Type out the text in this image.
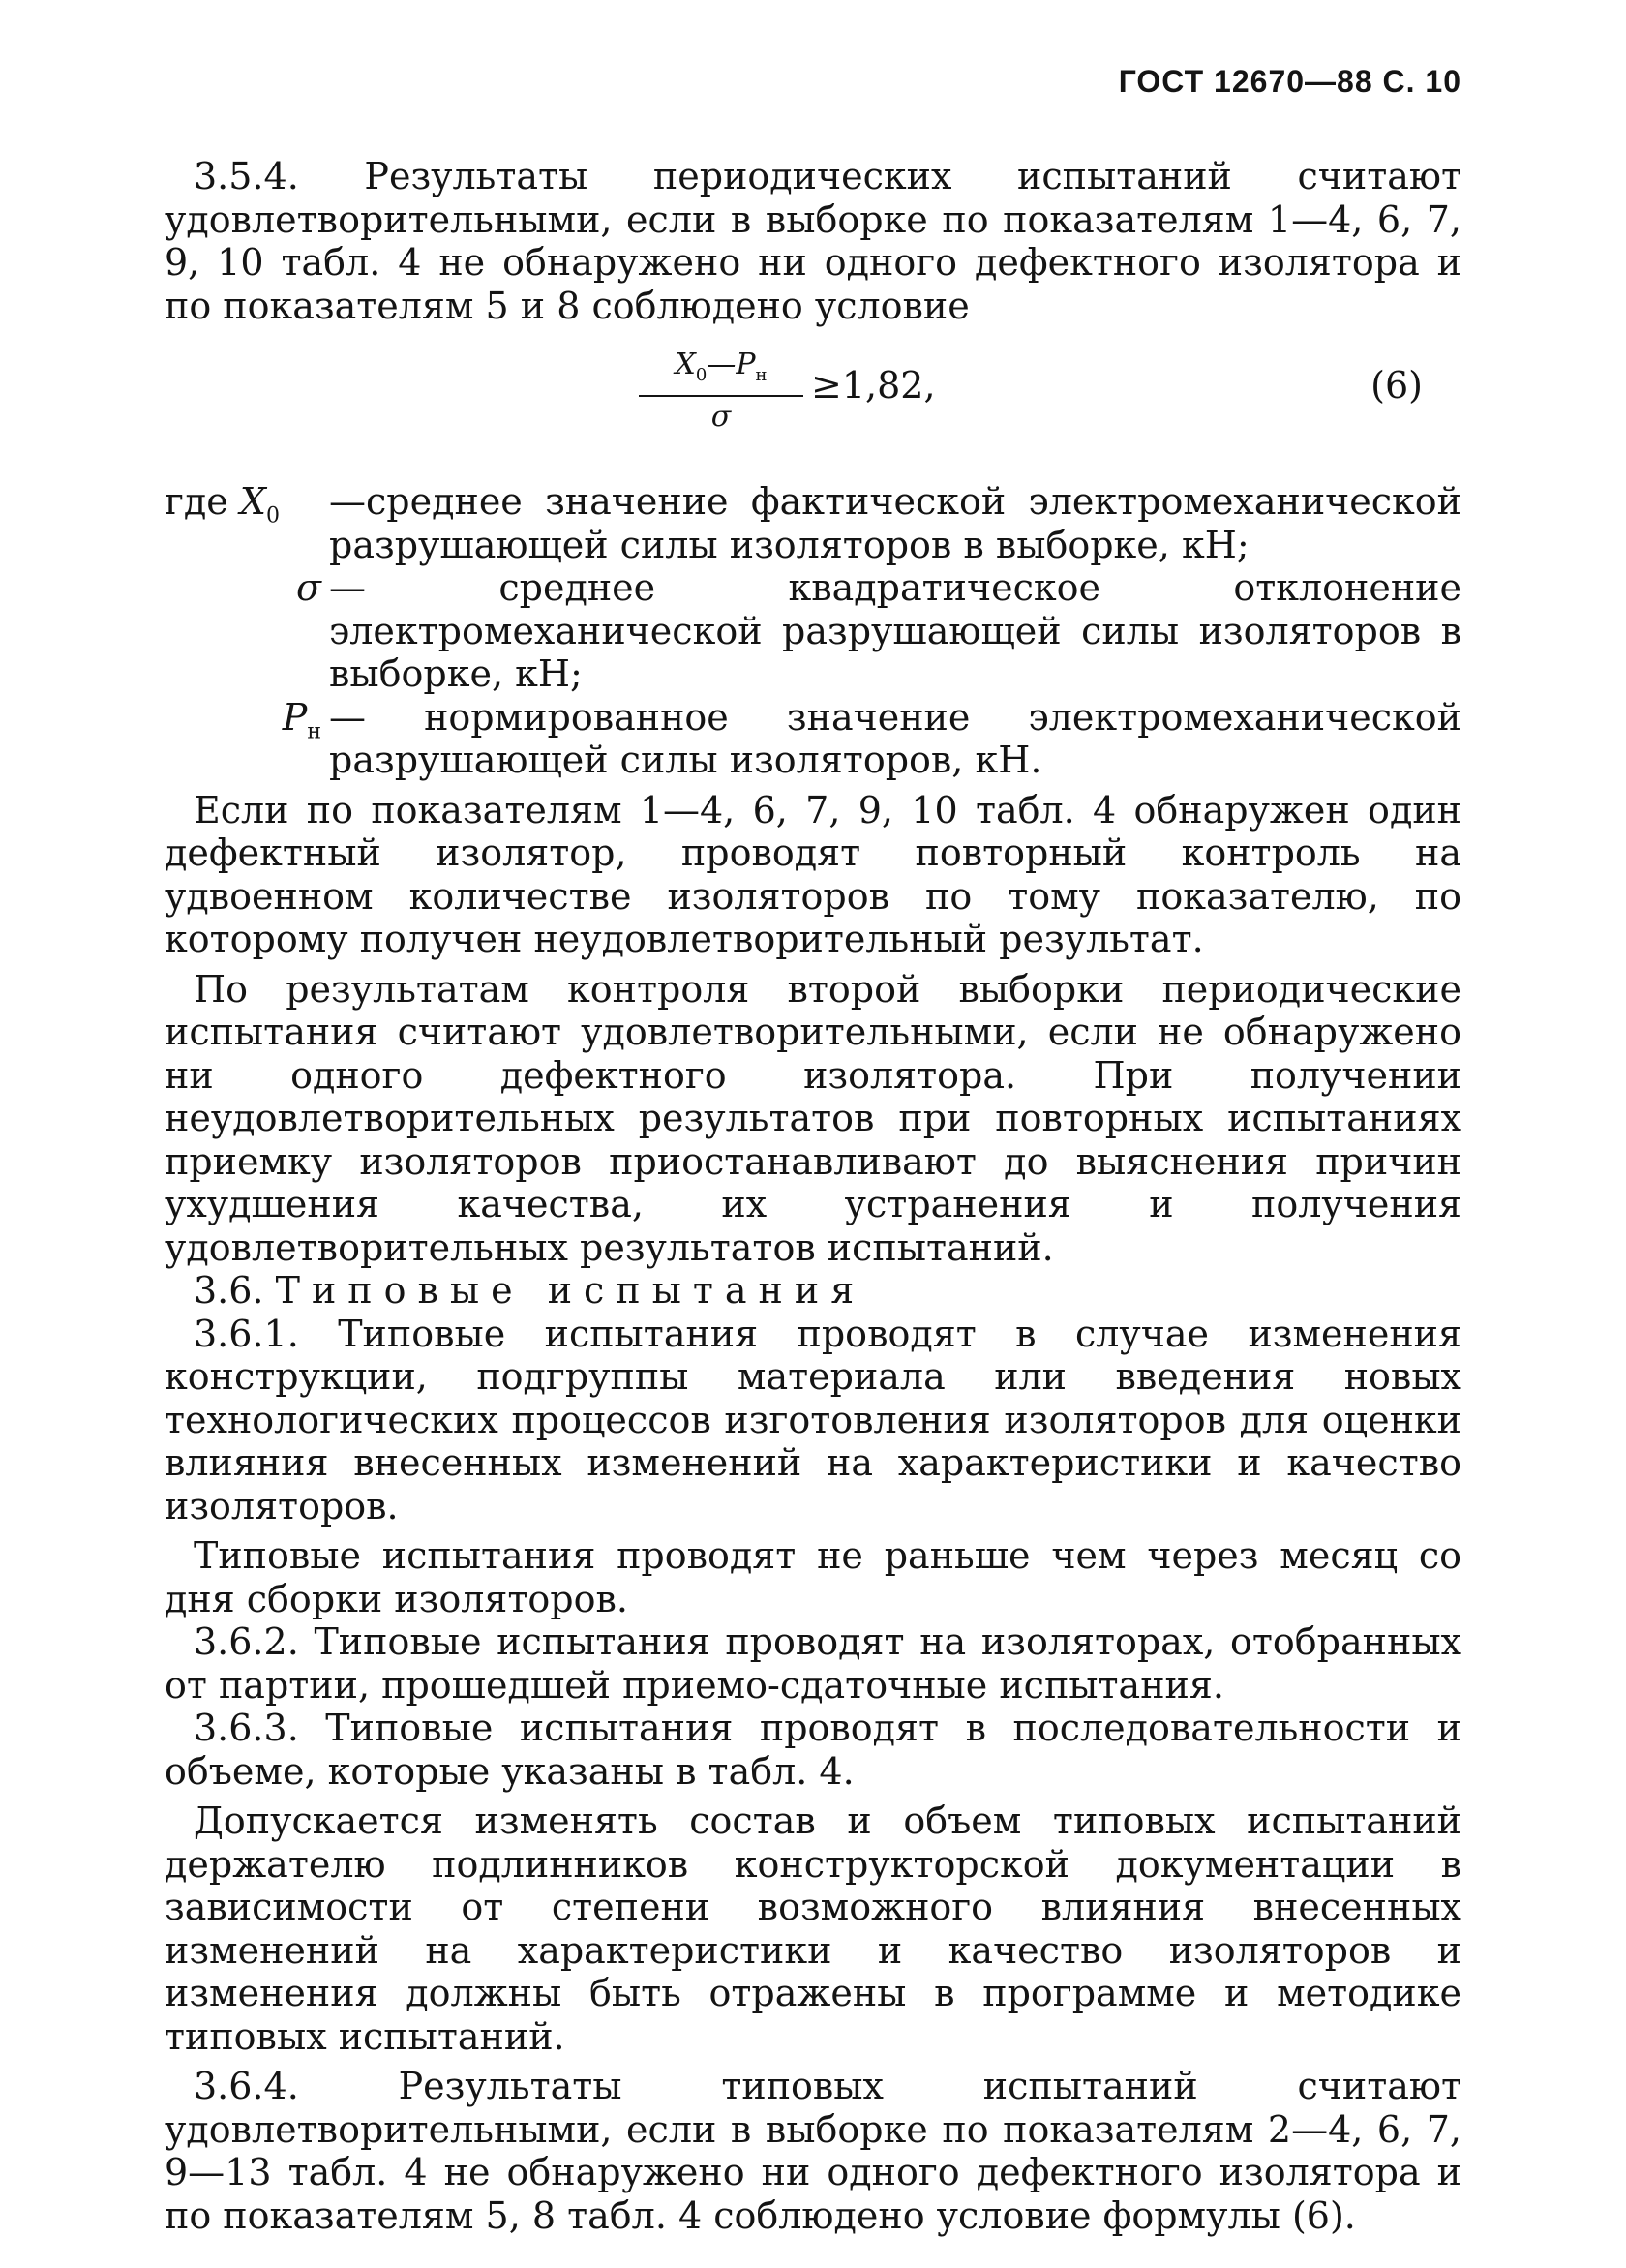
ГОСТ 12670—88 С. 10

3.5.4. Результаты периодических испытаний считают удовлетворительными, если в выборке по показателям 1—4, 6, 7, 9, 10 табл. 4 не обнаружено ни одного дефектного изолятора и по показателям 5 и 8 соблюдено условие

$X_0—P_н$
σ
≥1,82,	(6)
где $X_0$ —среднее значение фактической электромеханической разрушающей силы изоляторов в выборке, кН;
σ — среднее квадратическое отклонение электромеханической разрушающей силы изоляторов в выборке, кН;
$P_н$ — нормированное значение электромеханической разрушающей силы изоляторов, кН.

Если по показателям 1—4, 6, 7, 9, 10 табл. 4 обнаружен один дефектный изолятор, проводят повторный контроль на удвоенном количестве изоляторов по тому показателю, по которому получен неудовлетворительный результат.

По результатам контроля второй выборки периодические испытания считают удовлетворительными, если не обнаружено ни одного дефектного изолятора. При получении неудовлетворительных результатов при повторных испытаниях приемку изоляторов приостанавливают до выяснения причин ухудшения качества, их устранения и получения удовлетворительных результатов испытаний.

3.6. Типовые испытания

3.6.1. Типовые испытания проводят в случае изменения конструкции, подгруппы материала или введения новых технологических процессов изготовления изоляторов для оценки влияния внесенных изменений на характеристики и качество изоляторов.

Типовые испытания проводят не раньше чем через месяц со дня сборки изоляторов.

3.6.2. Типовые испытания проводят на изоляторах, отобранных от партии, прошедшей приемо-сдаточные испытания.

3.6.3. Типовые испытания проводят в последовательности и объеме, которые указаны в табл. 4.

Допускается изменять состав и объем типовых испытаний держателю подлинников конструкторской документации в зависимости от степени возможного влияния внесенных изменений на характеристики и качество изоляторов и изменения должны быть отражены в программе и методике типовых испытаний.

3.6.4. Результаты типовых испытаний считают удовлетворительными, если в выборке по показателям 2—4, 6, 7, 9—13 табл. 4 не обнаружено ни одного дефектного изолятора и по показателям 5, 8 табл. 4 соблюдено условие формулы (6).
